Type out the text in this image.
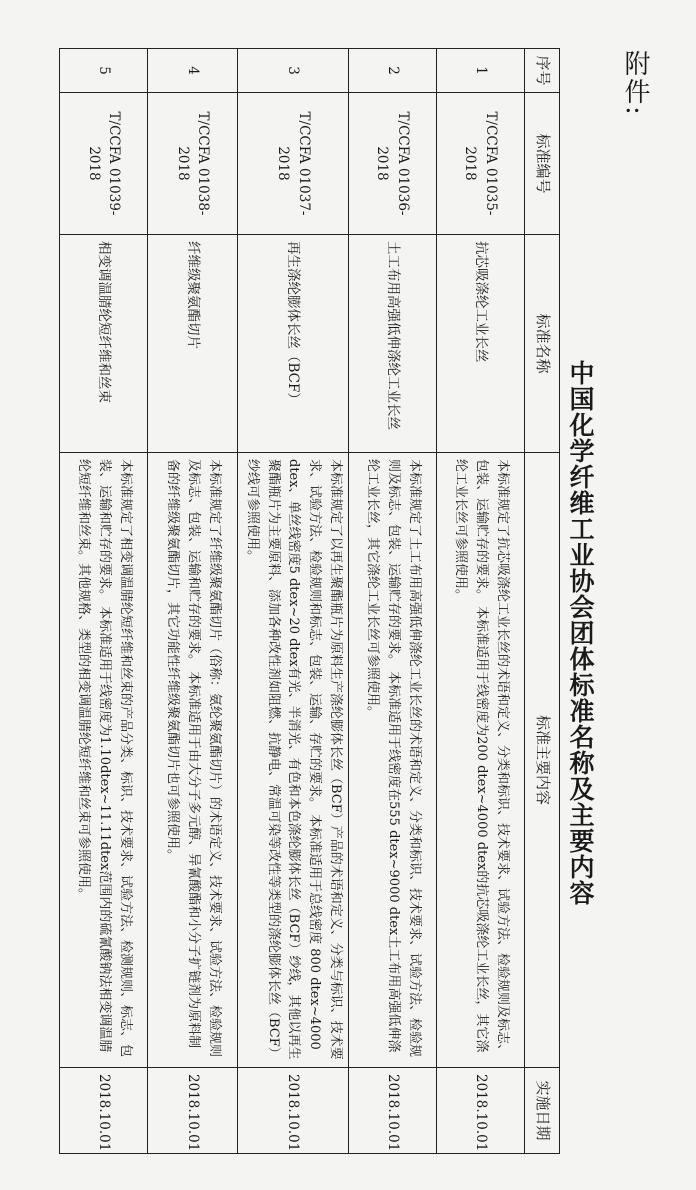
附件:
中国化学纤维工业协会团体标准名称及主要内容
序号	标准编号	标准名称	标准主要内容	实施日期
1	T/CCFA 01035-2018	抗芯吸涤纶工业长丝	本标准规定了抗芯吸涤纶工业长丝的术语和定义、分类和标识、技术要求、试验方法、检验规则及标志、包装、运输贮存的要求。 本标准适用于线密度为200 dtex~4000 dtex的抗芯吸涤纶工业长丝，其它涤纶工业长丝可参照使用。	2018.10.01
2	T/CCFA 01036-2018	土工布用高强低伸涤纶工业长丝	本标准规定了土工布用高强低伸涤纶工业长丝的术语和定义、分类和标识、技术要求、试验方法、检验规则及标志、包装、运输贮存的要求。 本标准适用于线密度在555 dtex~9000 dtex土工布用高强低伸涤纶工业长丝，其它涤纶工业长丝可参照使用。	2018.10.01
3	T/CCFA 01037-2018	再生涤纶膨体长丝（BCF）	本标准规定了以再生聚酯瓶片为原料生产涤纶膨体长丝（BCF）产品的术语和定义、分类与标识、技术要求、试验方法、检验规则和标志、包装、运输、存贮的要求。 本标准适用于总线密度 800 dtex~4000 dtex、单丝线密度5 dtex~20 dtex有光、半消光、有色和本色涤纶膨体长丝（BCF）纱线，其他以再生聚酯瓶片为主要原料、添加各种改性剂如阻燃、抗静电、常温可染等改性等类型的涤纶膨体长丝（BCF）纱线可参照使用。	2018.10.01
4	T/CCFA 01038-2018	纤维级聚氨酯切片	本标准规定了纤维级聚氨酯切片（俗称：氨纶聚氨酯切片）的术语定义、技术要求、试验方法、检验规则及标志、包装、运输和贮存的要求。 本标准适用于由大分子多元醇、异氰酸酯和小分子扩链剂为原料制备的纤维级聚氨酯切片，其它功能性纤维级聚氨酯切片也可参照使用。	2018.10.01
5	T/CCFA 01039-2018	相变调温腈纶短纤维和丝束	本标准规定了相变调温腈纶短纤维和丝束的产品分类、标识、技术要求、试验方法、检测规则、标志、包装、运输和贮存的要求。 本标准适用于线密度为1.10dtex~11.11dtex范围内的硫氰酸钠法相变调温腈纶短纤维和丝束。其他规格、类型的相变调温腈纶短纤维和丝束可参照使用。	2018.10.01
